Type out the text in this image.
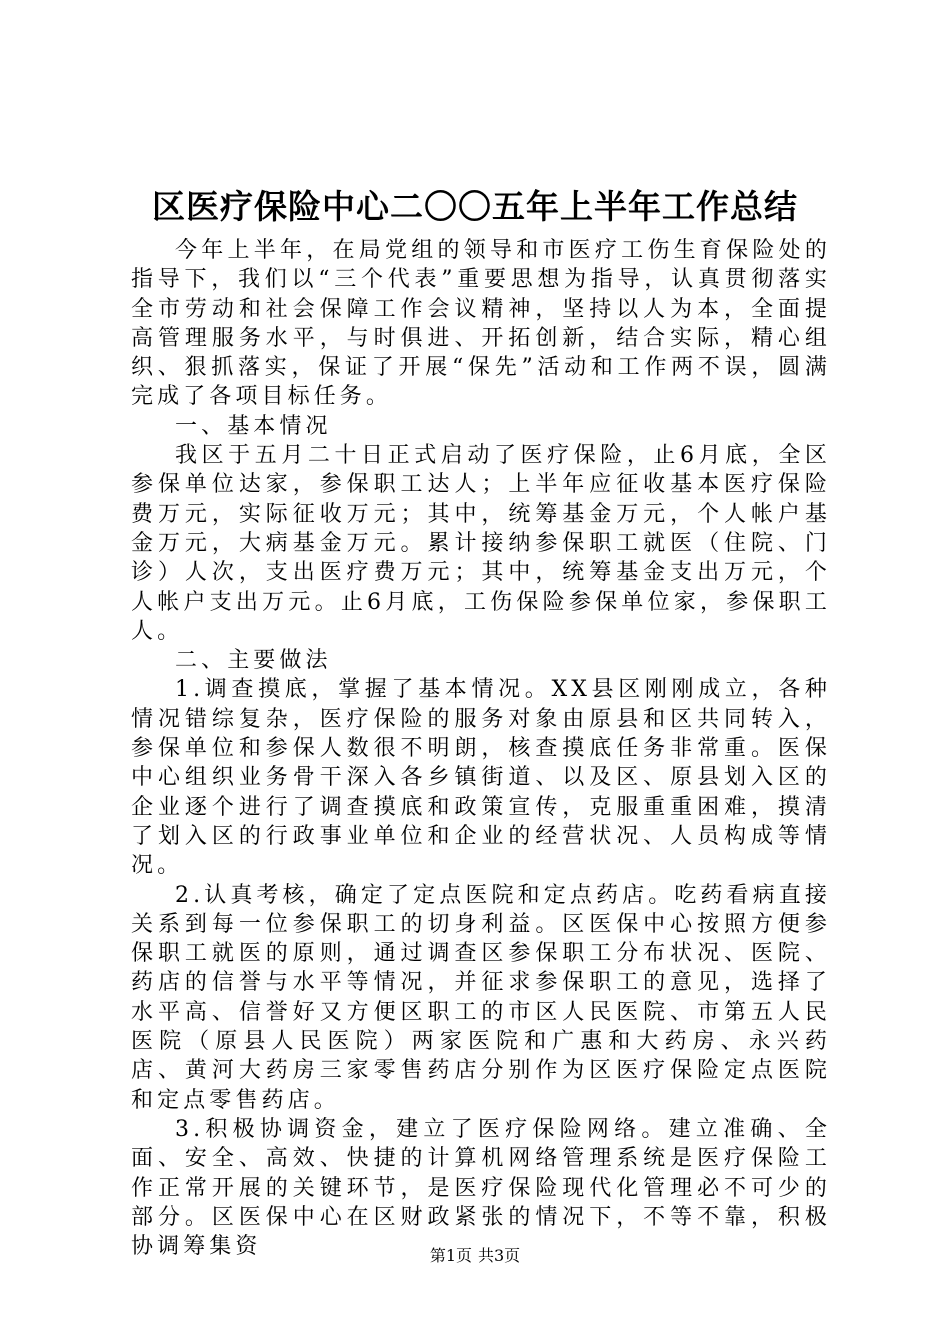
区医疗保险中心二〇〇五年上半年工作总结

今年上半年，在局党组的领导和市医疗工伤生育保险处的指导下，我们以“三个代表”重要思想为指导，认真贯彻落实全市劳动和社会保障工作会议精神，坚持以人为本，全面提高管理服务水平，与时俱进、开拓创新，结合实际，精心组织、狠抓落实，保证了开展“保先”活动和工作两不误，圆满完成了各项目标任务。

一、基本情况

我区于五月二十日正式启动了医疗保险，止6月底，全区参保单位达家，参保职工达人；上半年应征收基本医疗保险费万元，实际征收万元；其中，统筹基金万元，个人帐户基金万元，大病基金万元。累计接纳参保职工就医（住院、门诊）人次，支出医疗费万元；其中，统筹基金支出万元，个人帐户支出万元。止6月底，工伤保险参保单位家，参保职工人。

二、主要做法

1.调查摸底，掌握了基本情况。XX县区刚刚成立，各种情况错综复杂，医疗保险的服务对象由原县和区共同转入，参保单位和参保人数很不明朗，核查摸底任务非常重。医保中心组织业务骨干深入各乡镇街道、以及区、原县划入区的企业逐个进行了调查摸底和政策宣传，克服重重困难，摸清了划入区的行政事业单位和企业的经营状况、人员构成等情况。

2.认真考核，确定了定点医院和定点药店。吃药看病直接关系到每一位参保职工的切身利益。区医保中心按照方便参保职工就医的原则，通过调查区参保职工分布状况、医院、药店的信誉与水平等情况，并征求参保职工的意见，选择了水平高、信誉好又方便区职工的市区人民医院、市第五人民医院（原县人民医院）两家医院和广惠和大药房、永兴药店、黄河大药房三家零售药店分别作为区医疗保险定点医院和定点零售药店。

3.积极协调资金，建立了医疗保险网络。建立准确、全面、安全、高效、快捷的计算机网络管理系统是医疗保险工作正常开展的关键环节，是医疗保险现代化管理必不可少的部分。区医保中心在区财政紧张的情况下，不等不靠，积极协调筹集资	第1页 共3页
